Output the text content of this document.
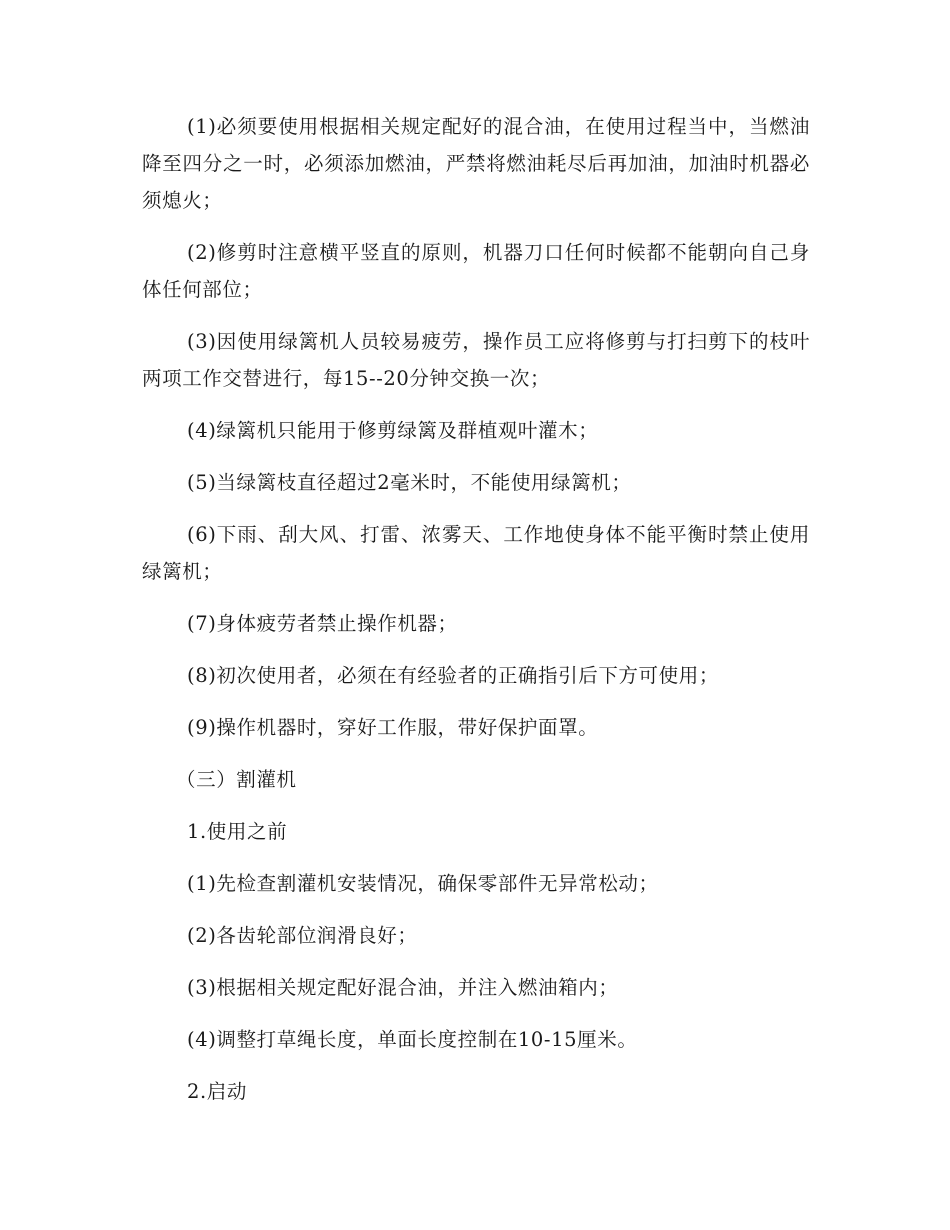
(1)必须要使用根据相关规定配好的混合油，在使用过程当中，当燃油降至四分之一时，必须添加燃油，严禁将燃油耗尽后再加油，加油时机器必须熄火；

(2)修剪时注意横平竖直的原则，机器刀口任何时候都不能朝向自己身体任何部位；

(3)因使用绿篱机人员较易疲劳，操作员工应将修剪与打扫剪下的枝叶两项工作交替进行，每15--20分钟交换一次；

(4)绿篱机只能用于修剪绿篱及群植观叶灌木；

(5)当绿篱枝直径超过2毫米时，不能使用绿篱机；

(6)下雨、刮大风、打雷、浓雾天、工作地使身体不能平衡时禁止使用绿篱机；

(7)身体疲劳者禁止操作机器；

(8)初次使用者，必须在有经验者的正确指引后下方可使用；

(9)操作机器时，穿好工作服，带好保护面罩。

（三）割灌机

1.使用之前

(1)先检查割灌机安装情况，确保零部件无异常松动；

(2)各齿轮部位润滑良好；

(3)根据相关规定配好混合油，并注入燃油箱内；

(4)调整打草绳长度，单面长度控制在10-15厘米。

2.启动
